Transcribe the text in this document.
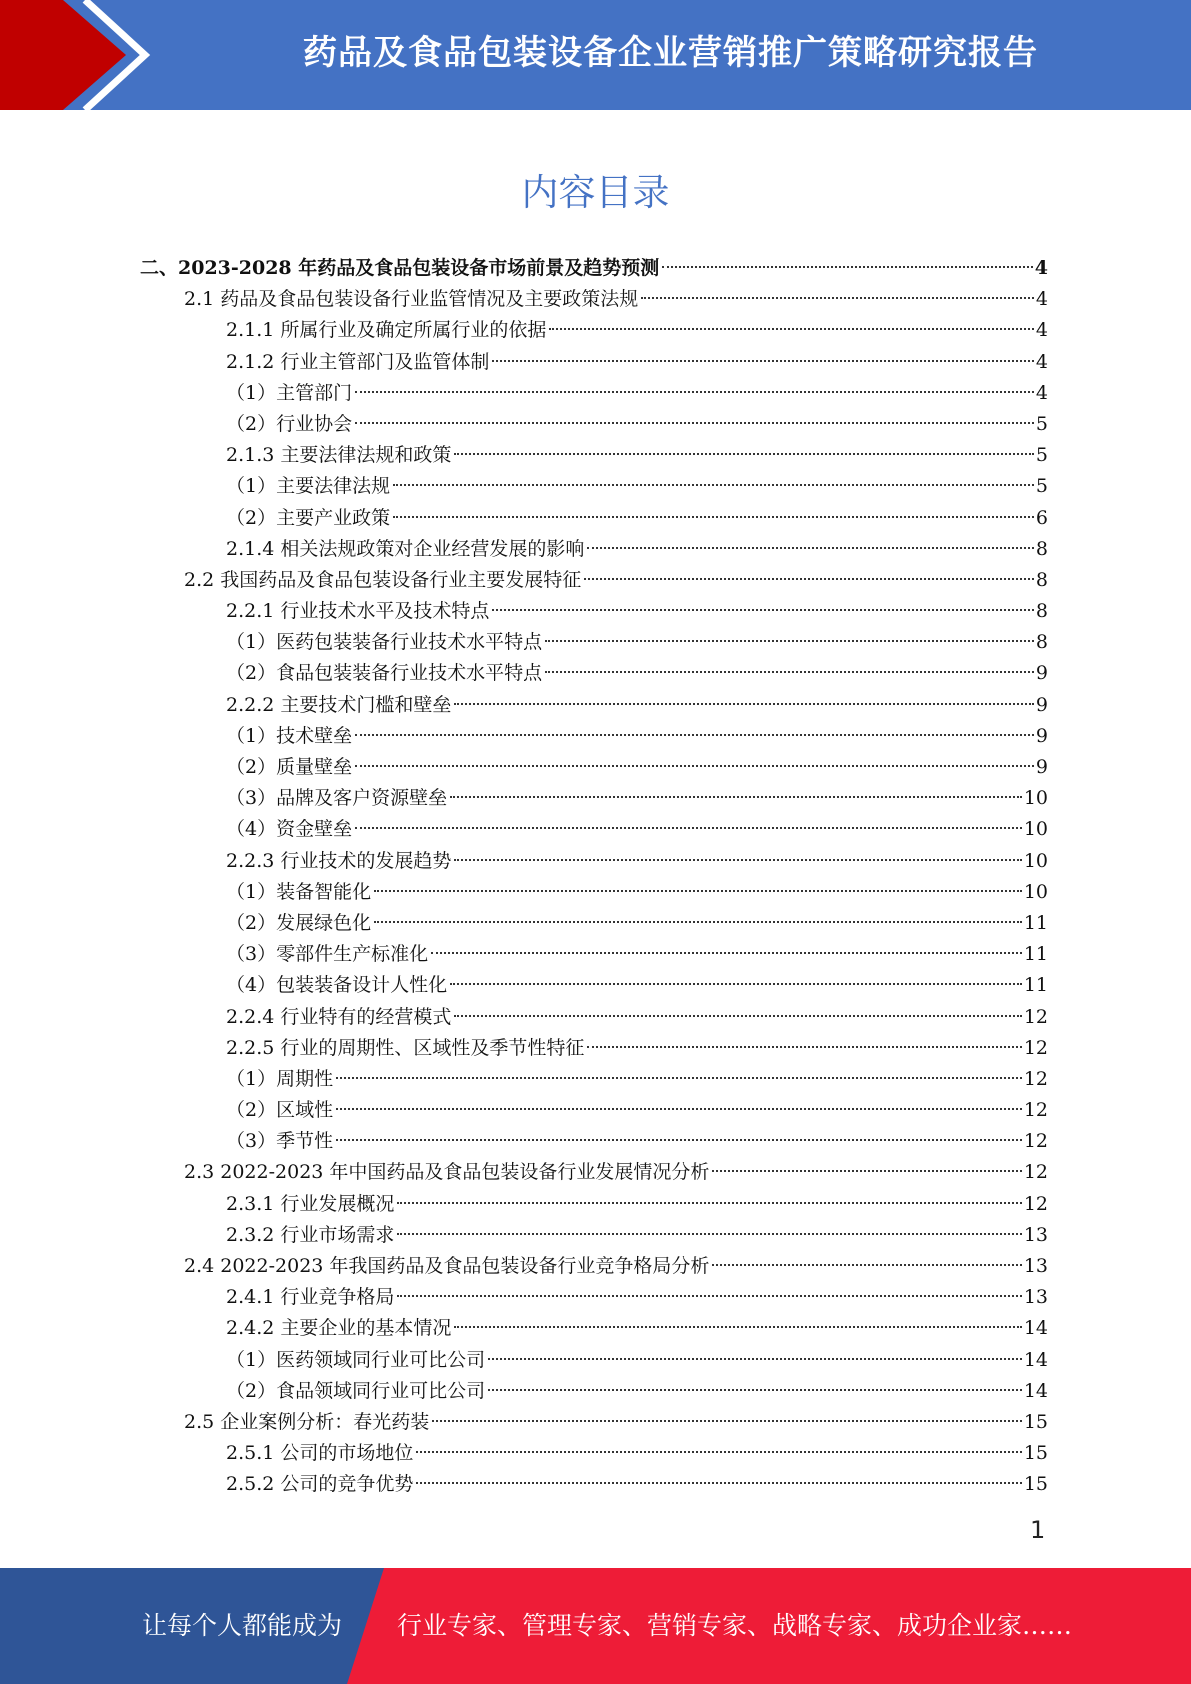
药品及食品包装设备企业营销推广策略研究报告
内容目录
二、2023-2028 年药品及食品包装设备市场前景及趋势预测	4
2.1 药品及食品包装设备行业监管情况及主要政策法规	4
2.1.1 所属行业及确定所属行业的依据	4
2.1.2 行业主管部门及监管体制	4
（1）主管部门	4
（2）行业协会	5
2.1.3 主要法律法规和政策	5
（1）主要法律法规	5
（2）主要产业政策	6
2.1.4 相关法规政策对企业经营发展的影响	8
2.2 我国药品及食品包装设备行业主要发展特征	8
2.2.1 行业技术水平及技术特点	8
（1）医药包装装备行业技术水平特点	8
（2）食品包装装备行业技术水平特点	9
2.2.2 主要技术门槛和壁垒	9
（1）技术壁垒	9
（2）质量壁垒	9
（3）品牌及客户资源壁垒	10
（4）资金壁垒	10
2.2.3 行业技术的发展趋势	10
（1）装备智能化	10
（2）发展绿色化	11
（3）零部件生产标准化	11
（4）包装装备设计人性化	11
2.2.4 行业特有的经营模式	12
2.2.5 行业的周期性、区域性及季节性特征	12
（1）周期性	12
（2）区域性	12
（3）季节性	12
2.3 2022-2023 年中国药品及食品包装设备行业发展情况分析	12
2.3.1 行业发展概况	12
2.3.2 行业市场需求	13
2.4 2022-2023 年我国药品及食品包装设备行业竞争格局分析	13
2.4.1 行业竞争格局	13
2.4.2 主要企业的基本情况	14
（1）医药领域同行业可比公司	14
（2）食品领域同行业可比公司	14
2.5 企业案例分析：春光药装	15
2.5.1 公司的市场地位	15
2.5.2 公司的竞争优势	15
1
让每个人都能成为 行业专家、管理专家、营销专家、战略专家、成功企业家……
